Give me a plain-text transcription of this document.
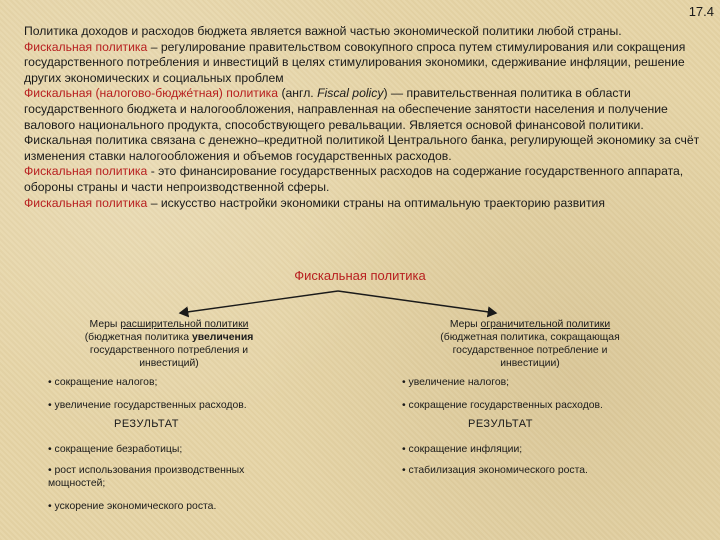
17.4

Политика доходов и расходов бюджета является важной частью экономической политики любой страны.

Фискальная политика – регулирование правительством совокупного спроса путем стимулирования или сокращения государственного потребления и инвестиций в целях стимулирования экономики, сдерживание инфляции, решение других экономических и социальных проблем

Фискальная (налогово-бюдже́тная) политика (англ. Fiscal policy) — правительственная политика в области государственного бюджета и налогообложения, направленная на обеспечение занятости населения и получение валового национального продукта, способствующего ревальвации. Является основой финансовой политики.

Фискальная политика связана с денежно–кредитной политикой Центрального банка, регулирующей экономику за счёт изменения ставки налогообложения и объемов государственных расходов.

Фискальная политика - это финансирование государственных расходов на содержание государственного аппарата, обороны страны и части непроизводственной сферы.

Фискальная политика – искусство настройки экономики страны на оптимальную траекторию развития

Фискальная политика
Меры расширительной политики
(бюджетная политика увеличения
государственного потребления и
инвестиций)
Меры ограничительной политики
(бюджетная политика, сокращающая
государственное потребление и
инвестиции)
• сокращение налогов;
• увеличение государственных расходов.
• увеличение налогов;
• сокращение государственных расходов.
РЕЗУЛЬТАТ	РЕЗУЛЬТАТ
• сокращение безработицы;
• рост использования производственных мощностей;
• ускорение экономического роста.
• сокращение инфляции;
• стабилизация экономического роста.
